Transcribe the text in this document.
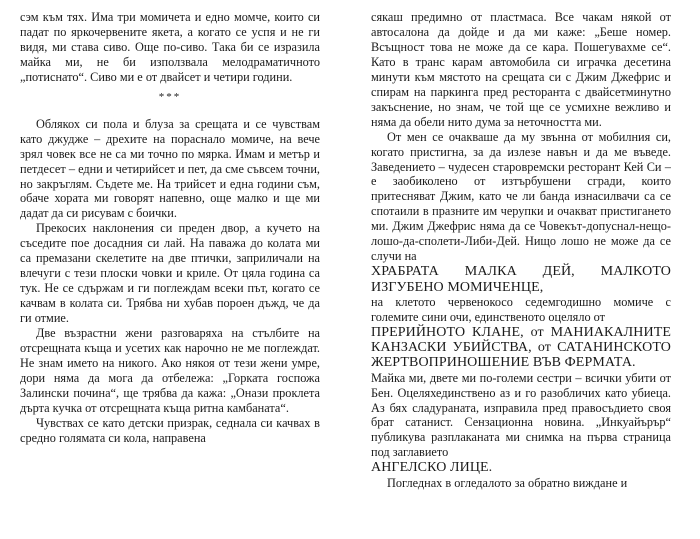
сэм към тях. Има три момичета и едно момче, които си падат по яркочервените якета, а когато се успя и не ги видя, ми става сиво. Още по-сиво. Така би се изразила майка ми, не би използвала мелодраматичното „потиснато“. Сиво ми е от двайсет и четири години.

***

Облякох си пола и блуза за срещата и се чувствам като джудже – дрехите на порасналo момиче, на вече зрял човек все не са ми точно по мярка. Имам и метър и петдесет – едни и четирийсет и пет, да сме съвсем точни, но закръглям. Съдете ме. На трийсет и една години съм, обаче хората ми говорят напевно, още малко и ще ми дадат да си рисувам с боички.

Прекосих наклонения си преден двор, а кучето на съседите пое досадния си лай. На паважа до колата ми са премазани скелетите на две птички, заприличали на влечуги с тези плоски човки и криле. От цяла година са тук. Не се сдържам и ги поглеждам всеки път, когато се качвам в колата си. Трябва ни хубав пороен дъжд, че да ги отмие.

Две възрастни жени разговаряха на стълбите на отсрещната къща и усетих как нарочно не ме поглеждат. Не знам името на никого. Ако някоя от тези жени умре, дори няма да мога да отбележа: „Горката госпожа Залински почина“, ще трябва да кажа: „Онази проклета дърта кучка от отсрещната къща ритна камбаната“.

Чувствах се като детски призрак, седнала си качвах в средно голямата си кола, направена

сякаш предимно от пластмаса. Все чакам някой от автосалона да дойде и да ми каже: „Беше номер. Всъщност това не може да се кара. Пошегувахме се“. Като в транс карам автомобила си играчка десетина минути към мястото на срещата си с Джим Джефрис и спирам на паркинга пред ресторанта с двайсетминутно закъснение, но знам, че той ще се усмихне вежливо и няма да обели нито дума за неточността ми.

От мен се очакваше да му звънна от мобилния си, когато пристигна, за да излезе навън и да ме въведе. Заведението – чудесен старовремски ресторант Кей Си – е заобиколено от изтърбушени сгради, които притесняват Джим, като че ли банда изнасилвачи са се спотаили в празните им черупки и очакват пристигането ми. Джим Джефрис няма да се Човекът-допуснал-нещо-лошо-да-сполети-Либи-Дей. Нищо лошо не може да се случи на

ХРАБРАТА МАЛКА ДЕЙ, МАЛКОТО ИЗГУБЕНО МОМИЧЕНЦЕ,

на клетото червенокосо седемгодишно момиче с големите сини очи, единственото оцеляло от

ПРЕРИЙНОТО КЛАНЕ, от МАНИАКАЛНИТЕ КАНЗАСКИ УБИЙСТВА, от САТАНИНСКОТО ЖЕРТВОПРИНОШЕНИЕ ВЪВ ФЕРМАТА.

Майка ми, двете ми по-големи сестри – всички убити от Бен. Оцеляхединствено аз и го разобличих като убиеца. Аз бях сладураната, изправила пред правосъдието своя брат сатанист. Сензационна новина. „Инкуайърър“ публикува разплаканата ми снимка на първа страница под заглавието

АНГЕЛСКО ЛИЦЕ.

Погледнах в огледалото за обратно виждане и
